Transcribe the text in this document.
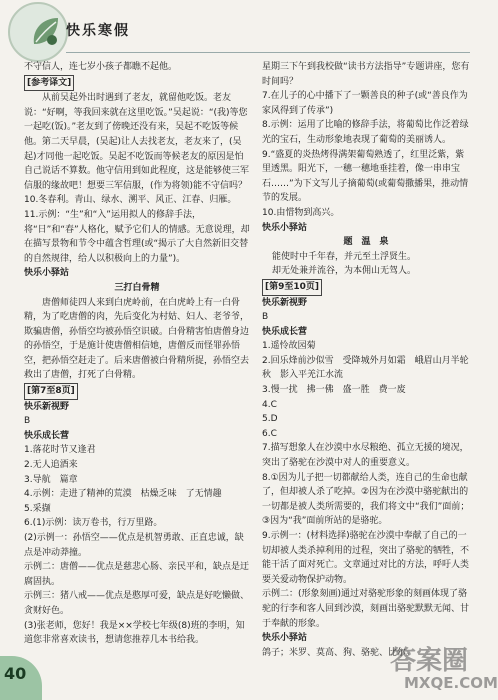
快乐寒假

不守信人，连七岁小孩子都瞧不起他。

[参考译文]

从前吴起外出时遇到了老友，就留他吃饭。老友说：“好啊，等我回来就在这里吃饭。”吴起说：“(我)等您一起吃(饭)。”老友到了傍晚还没有来，吴起不吃饭等候他。第二天早晨，(吴起)让人去找老友，老友来了，(吴起)才同他一起吃饭。吴起不吃饭而等候老友的原因是怕自己说话不算数。他守信用到如此程度，这是能够使三军信服的缘故吧！想要三军信服，(作为将领)能不守信吗？

10.冬春利。青山、绿水、溯平、风正、江春、归雁。

11.示例：“生”和“入”运用拟人的修辞手法，将“日”和“春”人格化，赋予它们人的情感。无意说理，却在描写景物和节令中蕴含哲理(或“揭示了大自然新旧交替的自然规律，给人以积极向上的力量”)。

快乐小驿站

三打白骨精

唐僧师徒四人来到白虎岭前，在白虎岭上有一白骨精，为了吃唐僧的肉，先后变化为村姑、妇人、老爷爷，欺骗唐僧，孙悟空均被孙悟空识破。白骨精害怕唐僧身边的孙悟空，于是施计使唐僧相信她，唐僧反而怪罪孙悟空，把孙悟空赶走了。后来唐僧被白骨精所捉，孙悟空去救出了唐僧，打死了白骨精。

[第7至8页]

快乐新视野

B

快乐成长营

1.落花时节又逢君

2.无人追酒来

3.导航　篇章

4.示例：走进了精神的荒漠　枯燥乏味　了无情趣

5.采撷

6.(1)示例：读万卷书，行万里路。

(2)示例一：孙悟空——优点是机智勇敢、正直忠诚，缺点是冲动莽撞。

示例二：唐僧——优点是慈悲心肠、亲民平和，缺点是迂腐固执。

示例三：猪八戒——优点是憨厚可爱，缺点是好吃懒做、贪财好色。

(3)张老师，您好！我是××学校七年级(8)班的李明，知道您非常喜欢读书，想请您推荐几本书给我。

星期三下午到我校做“读书方法指导”专题讲座，您有时间吗？

7.在儿子的心中播下了一颗善良的种子(或“善良作为家风得到了传承”)

8.示例：运用了比喻的修辞手法，将葡萄比作泛着绿光的宝石，生动形象地表现了葡萄的美丽诱人。

9.“盛夏的炎热烤得满架葡萄熟透了，红里泛紫，紫里透黑。阳光下，一穗一穗地垂挂着，像一串串宝石……”为下文写儿子摘葡萄(或葡萄撒播果，推动情节的发展。

10.由惜物到高兴。

快乐小驿站

题　温　泉

能使时中千年春，并元至土浮贤生。

却无处兼并流谷，为本佣山无驾人。

[第9至10页]

快乐新视野

B

快乐成长营

1.遥怜故园菊

2.回乐烽前沙似雪　受降城外月如霜　峨眉山月半轮秋　影入平羌江水流

3.慢一扰　拂一佛　盛一胜　费一废

4.C

5.D

6.C

7.描写想象人在沙漠中水尽粮绝、孤立无援的境况，突出了骆驼在沙漠中对人的重要意义。

8.①因为儿子把一切都献给人类，连自己的生命也献了，但却被人杀了吃掉。②因为在沙漠中骆驼献出的一切都是被人类所需要的，我们将文中“我们”面前；③因为“我”面前所站的是骆驼。

9.示例一：(材料选择)骆驼在沙漠中奉献了自己的一切却被人类杀掉利用的过程，突出了骆驼的牺牲，不能干活了面对死亡。文章通过对比的方法，呼吁人类要关爱动物保护动物。

示例二：(形象刻画)通过对骆驼形象的刻画体现了骆驼的行李和客人回到沙漠，刻画出骆驼默默无闻、甘于奉献的形象。

快乐小驿站

鸽子；米罗、莫高、狗、骆驼、比尔。

40	答案圈
MXQE.COM
